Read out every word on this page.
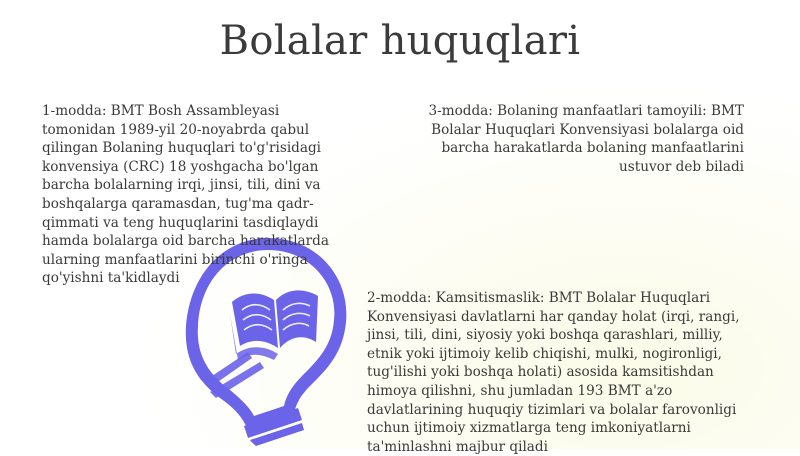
Bolalar huquqlari
1-modda: BMT Bosh Assambleyasi tomonidan 1989-yil 20-noyabrda qabul qilingan Bolaning huquqlari to'g'risidagi konvensiya (CRC) 18 yoshgacha bo'lgan barcha bolalarning irqi, jinsi, tili, dini va boshqalarga qaramasdan, tug'ma qadr-qimmati va teng huquqlarini tasdiqlaydi hamda bolalarga oid barcha harakatlarda ularning manfaatlarini birinchi o'ringa qo'yishni ta'kidlaydi
3-modda: Bolaning manfaatlari tamoyili: BMT Bolalar Huquqlari Konvensiyasi bolalarga oid barcha harakatlarda bolaning manfaatlarini ustuvor deb biladi
2-modda: Kamsitismaslik: BMT Bolalar Huquqlari Konvensiyasi davlatlarni har qanday holat (irqi, rangi, jinsi, tili, dini, siyosiy yoki boshqa qarashlari, milliy, etnik yoki ijtimoiy kelib chiqishi, mulki, nogironligi, tug'ilishi yoki boshqa holati) asosida kamsitishdan himoya qilishni, shu jumladan 193 BMT a'zo davlatlarining huquqiy tizimlari va bolalar farovonligi uchun ijtimoiy xizmatlarga teng imkoniyatlarni ta'minlashni majbur qiladi
